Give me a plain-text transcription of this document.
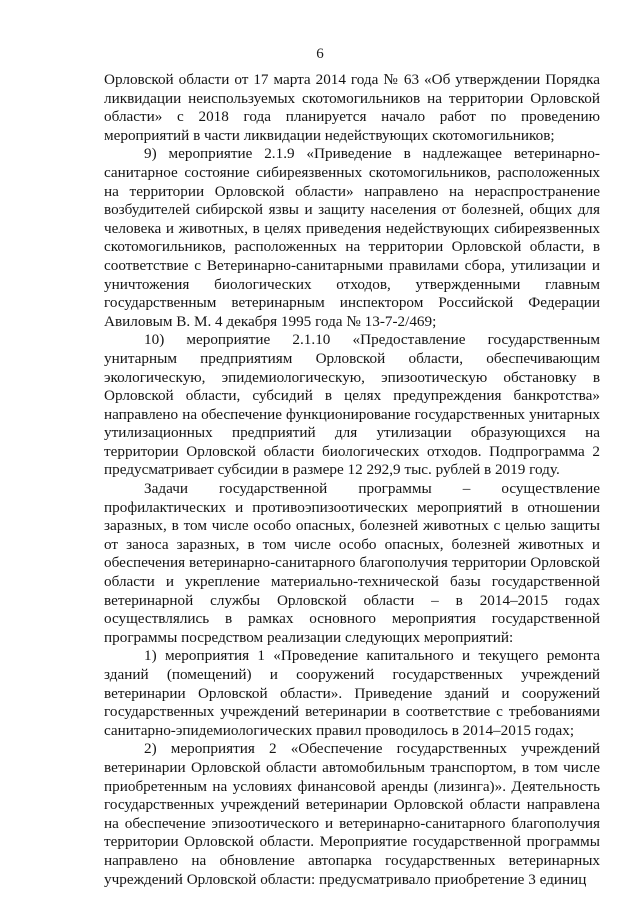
6

Орловской области от 17 марта 2014 года № 63 «Об утверждении Порядка ликвидации неиспользуемых скотомогильников на территории Орловской области» с 2018 года планируется начало работ по проведению мероприятий в части ликвидации недействующих скотомогильников;

9) мероприятие 2.1.9 «Приведение в надлежащее ветеринарно-санитарное состояние сибиреязвенных скотомогильников, расположенных на территории Орловской области» направлено на нераспространение возбудителей сибирской язвы и защиту населения от болезней, общих для человека и животных, в целях приведения недействующих сибиреязвенных скотомогильников, расположенных на территории Орловской области, в соответствие с Ветеринарно-санитарными правилами сбора, утилизации и уничтожения биологических отходов, утвержденными главным государственным ветеринарным инспектором Российской Федерации Авиловым В. М. 4 декабря 1995 года № 13-7-2/469;

10) мероприятие 2.1.10 «Предоставление государственным унитарным предприятиям Орловской области, обеспечивающим экологическую, эпидемиологическую, эпизоотическую обстановку в Орловской области, субсидий в целях предупреждения банкротства» направлено на обеспечение функционирование государственных унитарных утилизационных предприятий для утилизации образующихся на территории Орловской области биологических отходов. Подпрограмма 2 предусматривает субсидии в размере 12 292,9 тыс. рублей в 2019 году.

Задачи государственной программы – осуществление профилактических и противоэпизоотических мероприятий в отношении заразных, в том числе особо опасных, болезней животных с целью защиты от заноса заразных, в том числе особо опасных, болезней животных и обеспечения ветеринарно-санитарного благополучия территории Орловской области и укрепление материально-технической базы государственной ветеринарной службы Орловской области – в 2014–2015 годах осуществлялись в рамках основного мероприятия государственной программы посредством реализации следующих мероприятий:

1) мероприятия 1 «Проведение капитального и текущего ремонта зданий (помещений) и сооружений государственных учреждений ветеринарии Орловской области». Приведение зданий и сооружений государственных учреждений ветеринарии в соответствие с требованиями санитарно-эпидемиологических правил проводилось в 2014–2015 годах;

2) мероприятия 2 «Обеспечение государственных учреждений ветеринарии Орловской области автомобильным транспортом, в том числе приобретенным на условиях финансовой аренды (лизинга)». Деятельность государственных учреждений ветеринарии Орловской области направлена на обеспечение эпизоотического и ветеринарно-санитарного благополучия территории Орловской области. Мероприятие государственной программы направлено на обновление автопарка государственных ветеринарных учреждений Орловской области: предусматривало приобретение 3 единиц
